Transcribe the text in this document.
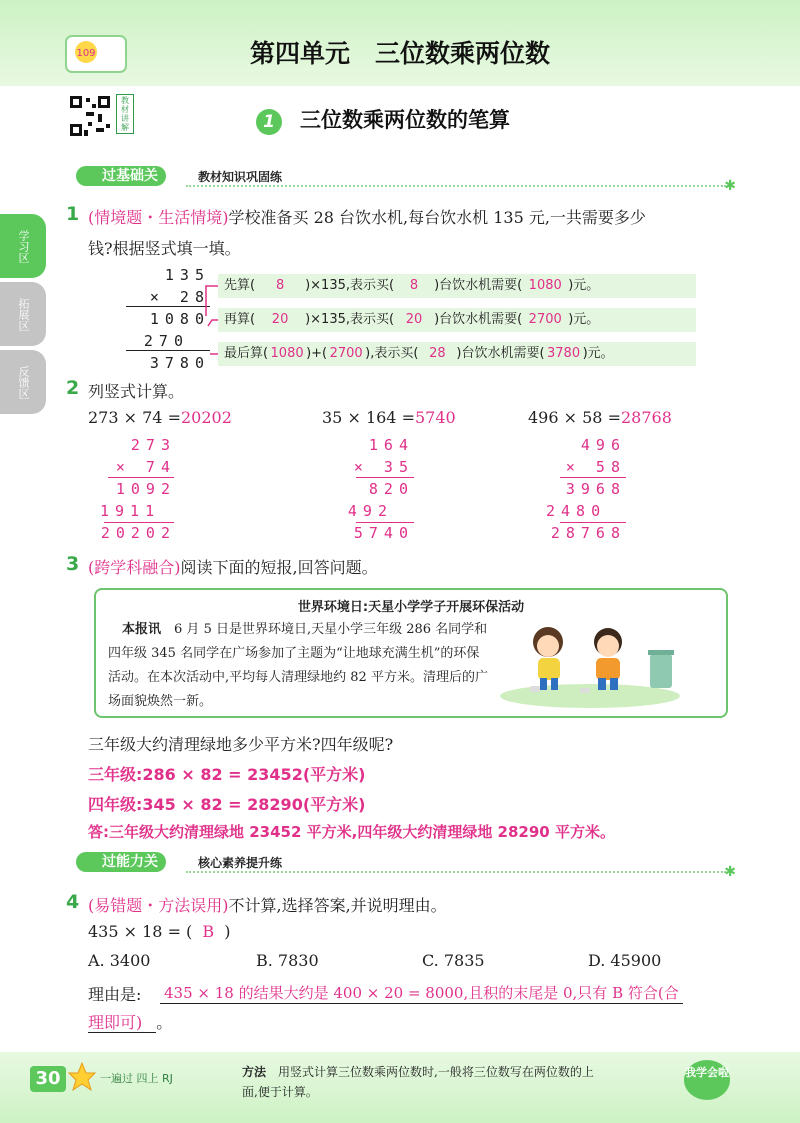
109	第四单元　三位数乘两位数
教材讲解	1 三位数乘两位数的笔算
学习区
拓展区
反馈区
过基础关	教材知识巩固练
✱
1 (情境题・生活情境)学校准备买 28 台饮水机,每台饮水机 135 元,一共需要多少
钱?根据竖式填一填。
135
× 28
1080
270
3780
先算( 8 )×135,表示买( 8 )台饮水机需要( 1080 )元。
再算( 20 )×135,表示买( 20 )台饮水机需要( 2700 )元。
最后算( 1080 )+( 2700 ),表示买( 28 )台饮水机需要( 3780 )元。
2 列竖式计算。
273 × 74 =20202	35 × 164 =5740	496 × 58 =28768
273
× 74
1092
1911
20202
164
× 35
820
492
5740
496
× 58
3968
2480
28768
3 (跨学科融合)阅读下面的短报,回答问题。
世界环境日:天星小学学子开展环保活动
本报讯　 6 月 5 日是世界环境日,天星小学三年级 286 名同学和四年级 345 名同学在广场参加了主题为“让地球充满生机”的环保活动。在本次活动中,平均每人清理绿地约 82 平方米。清理后的广场面貌焕然一新。
三年级大约清理绿地多少平方米?四年级呢?
三年级:286 × 82 = 23452(平方米)
四年级:345 × 82 = 28290(平方米)
答:三年级大约清理绿地 23452 平方米,四年级大约清理绿地 28290 平方米。
过能力关	核心素养提升练
✱
4 (易错题・方法误用)不计算,选择答案,并说明理由。
435 × 18 = ( B )
A. 3400	B. 7830	C. 7835	D. 45900
理由是: 435 × 18 的结果大约是 400 × 20 = 8000,且积的末尾是 0,只有 B 符合(合
理即可) 。
30	一遍过 四上 RJ	方法 用竖式计算三位数乘两位数时,一般将三位数写在两位数的上
面,便于计算。
我学会啦
